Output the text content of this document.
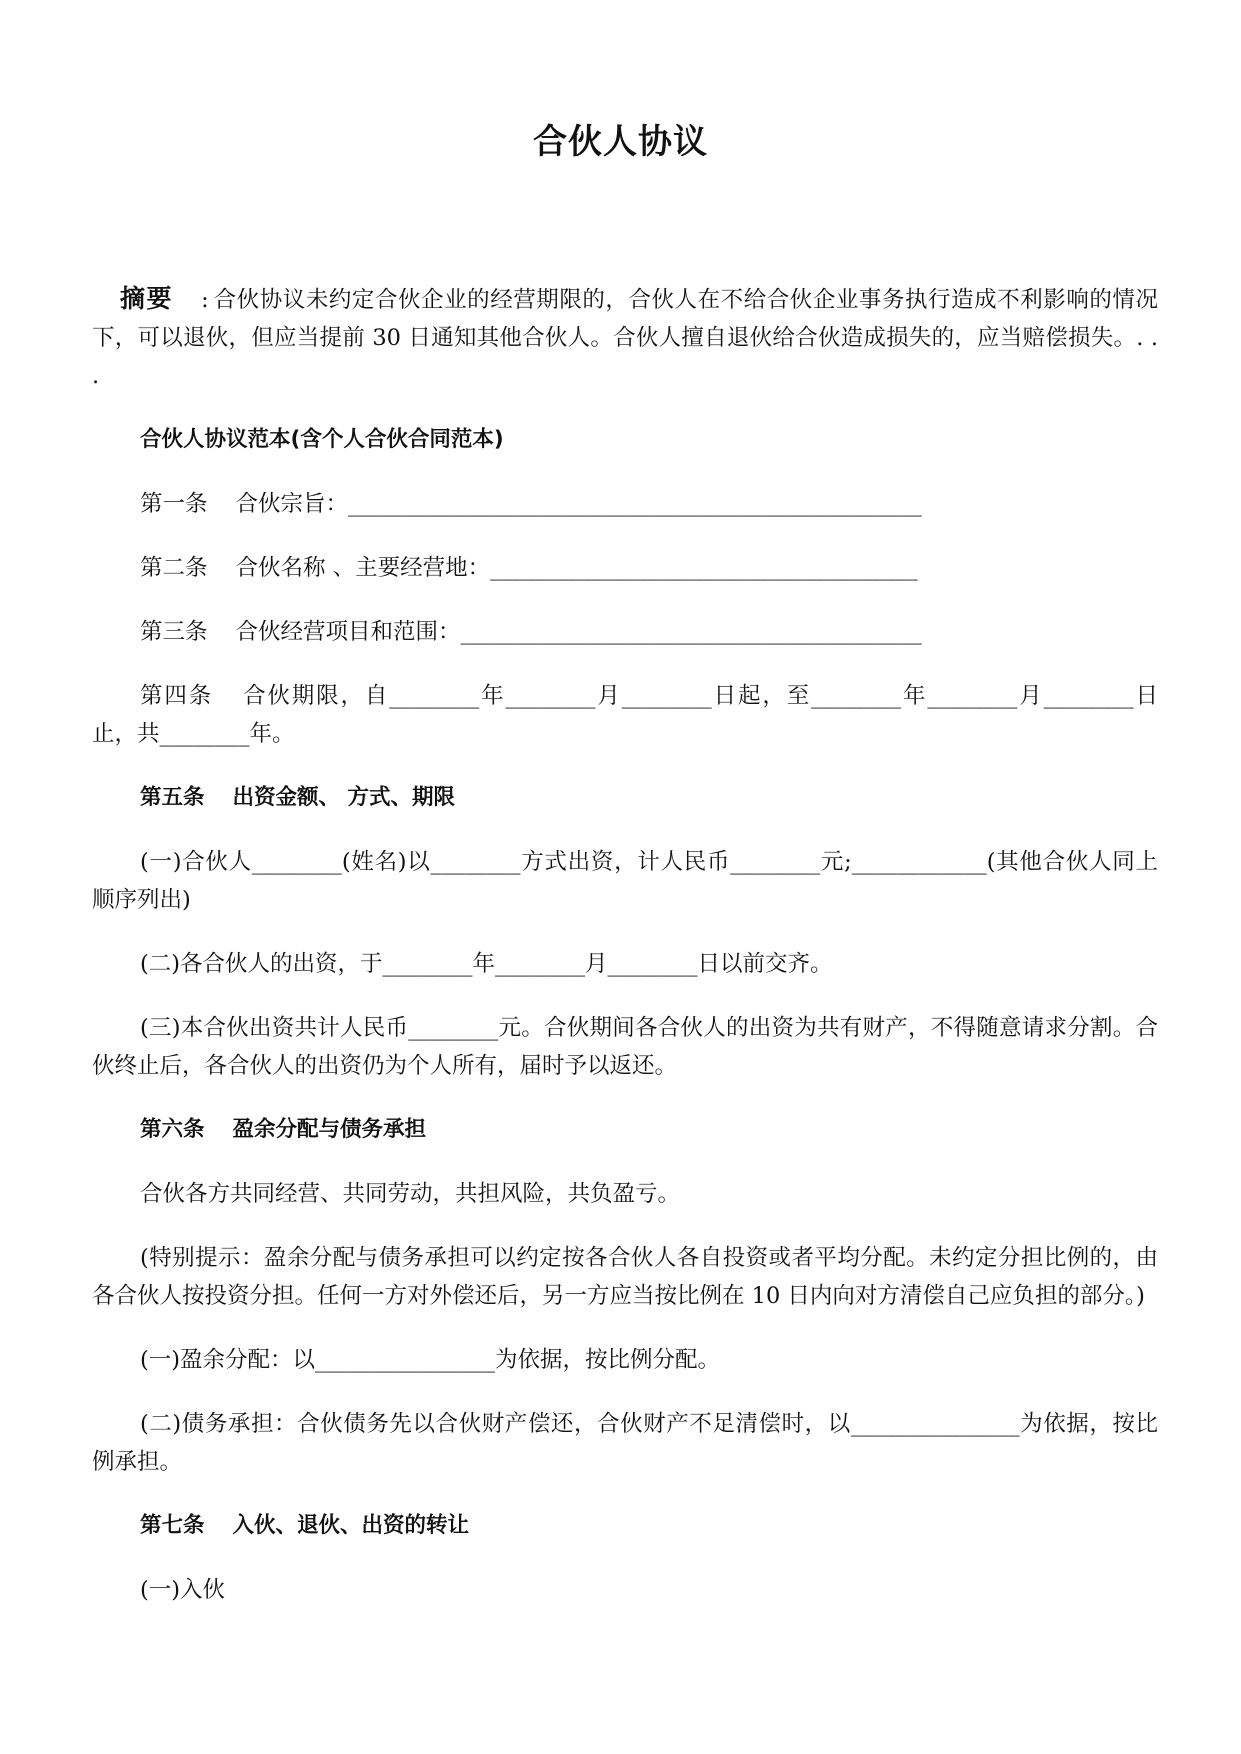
合伙人协议

摘要 : 合伙协议未约定合伙企业的经营期限的，合伙人在不给合伙企业事务执行造成不利影响的情况下，可以退伙，但应当提前 30 日通知其他合伙人。合伙人擅自退伙给合伙造成损失的，应当赔偿损失。. . .

合伙人协议范本(含个人合伙合同范本)

第一条 合伙宗旨：___________________________________________________

第二条 合伙名称 、主要经营地：______________________________________

第三条 合伙经营项目和范围：_________________________________________

第四条 合伙期限，自________年________月________日起，至________年________月________日止，共________年。

第五条 出资金额、 方式、期限

(一)合伙人________(姓名)以________方式出资，计人民币________元;____________(其他合伙人同上顺序列出)

(二)各合伙人的出资，于________年________月________日以前交齐。

(三)本合伙出资共计人民币________元。合伙期间各合伙人的出资为共有财产，不得随意请求分割。合伙终止后，各合伙人的出资仍为个人所有，届时予以返还。

第六条 盈余分配与债务承担

合伙各方共同经营、共同劳动，共担风险，共负盈亏。

(特别提示：盈余分配与债务承担可以约定按各合伙人各自投资或者平均分配。未约定分担比例的，由各合伙人按投资分担。任何一方对外偿还后，另一方应当按比例在 10 日内向对方清偿自己应负担的部分。)

(一)盈余分配：以________________为依据，按比例分配。

(二)债务承担：合伙债务先以合伙财产偿还，合伙财产不足清偿时，以_______________为依据，按比例承担。

第七条 入伙、退伙、出资的转让

(一)入伙
